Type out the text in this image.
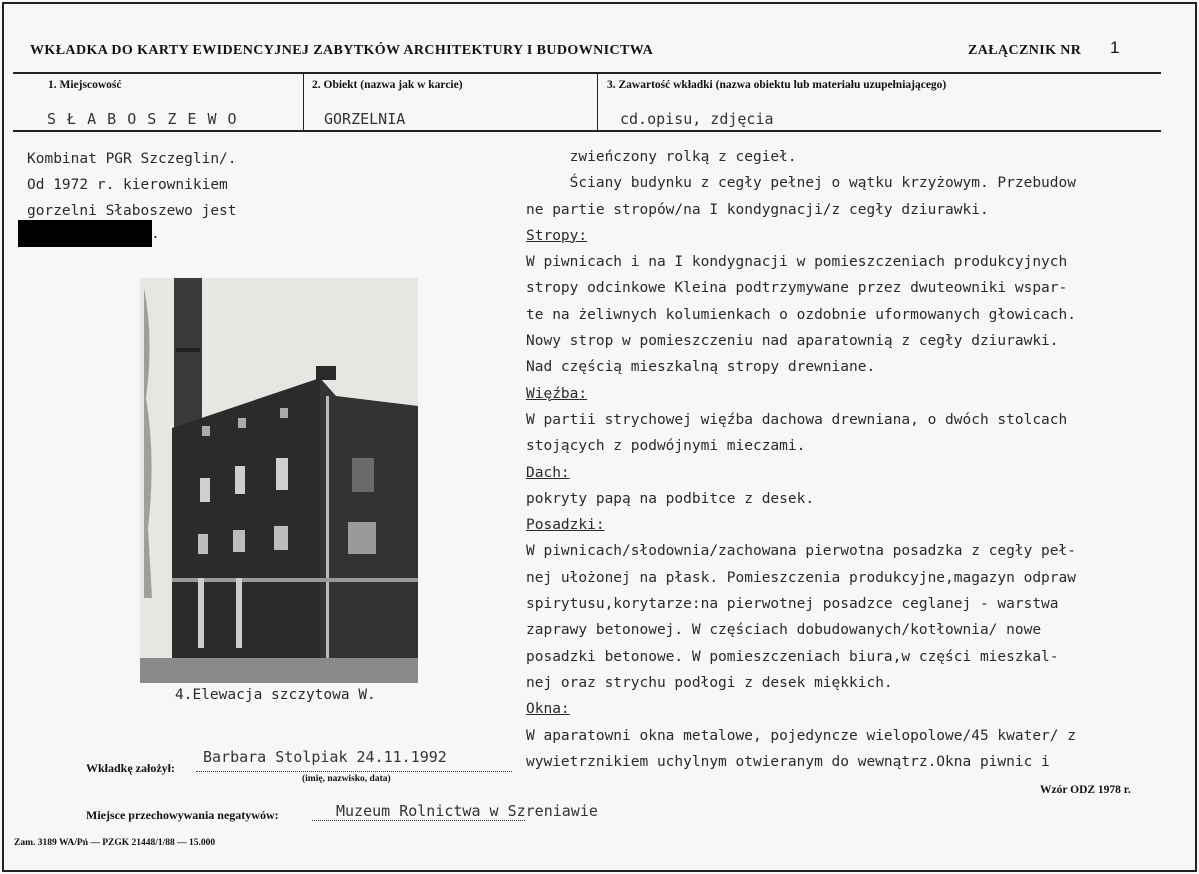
WKŁADKA DO KARTY EWIDENCYJNEJ ZABYTKÓW ARCHITEKTURY I BUDOWNICTWA	ZAŁĄCZNIK NR 1
1. Miejscowość
S Ł A B O S Z E W O
2. Obiekt (nazwa jak w karcie)
GORZELNIA
3. Zawartość wkładki (nazwa obiektu lub materiału uzupełniającego)
cd.opisu, zdjęcia
Kombinat PGR Szczeglin/.
Od 1972 r. kierownikiem
gorzelni Słaboszewo jest
.
4.Elewacja szczytowa W.
zwieńczony rolką z cegieł.
Ściany budynku z cegły pełnej o wątku krzyżowym. Przebudow
ne partie stropów/na I kondygnacji/z cegły dziurawki.
Stropy:
W piwnicach i na I kondygnacji w pomieszczeniach produkcyjnych
stropy odcinkowe Kleina podtrzymywane przez dwuteowniki wspar-
te na żeliwnych kolumienkach o ozdobnie uformowanych głowicach.
Nowy strop w pomieszczeniu nad aparatownią z cegły dziurawki.
Nad częścią mieszkalną stropy drewniane.
Więźba:
W partii strychowej więźba dachowa drewniana, o dwóch stolcach
stojących z podwójnymi mieczami.
Dach:
pokryty papą na podbitce z desek.
Posadzki:
W piwnicach/słodownia/zachowana pierwotna posadzka z cegły peł-
nej ułożonej na płask. Pomieszczenia produkcyjne,magazyn odpraw
spirytusu,korytarze:na pierwotnej posadzce ceglanej - warstwa
zaprawy betonowej. W częściach dobudowanych/kotłownia/ nowe
posadzki betonowe. W pomieszczeniach biura,w części mieszkal-
nej oraz strychu podłogi z desek miękkich.
Okna:
W aparatowni okna metalowe, pojedyncze wielopolowe/45 kwater/ z
wywietrznikiem uchylnym otwieranym do wewnątrz.Okna piwnic i
Wkładkę założył:
Barbara Stolpiak 24.11.1992
(imię, nazwisko, data)
Wzór ODZ 1978 r.
Miejsce przechowywania negatywów:	Muzeum Rolnictwa w Szreniawie
Zam. 3189 WA/Pń — PZGK 21448/1/88 — 15.000
